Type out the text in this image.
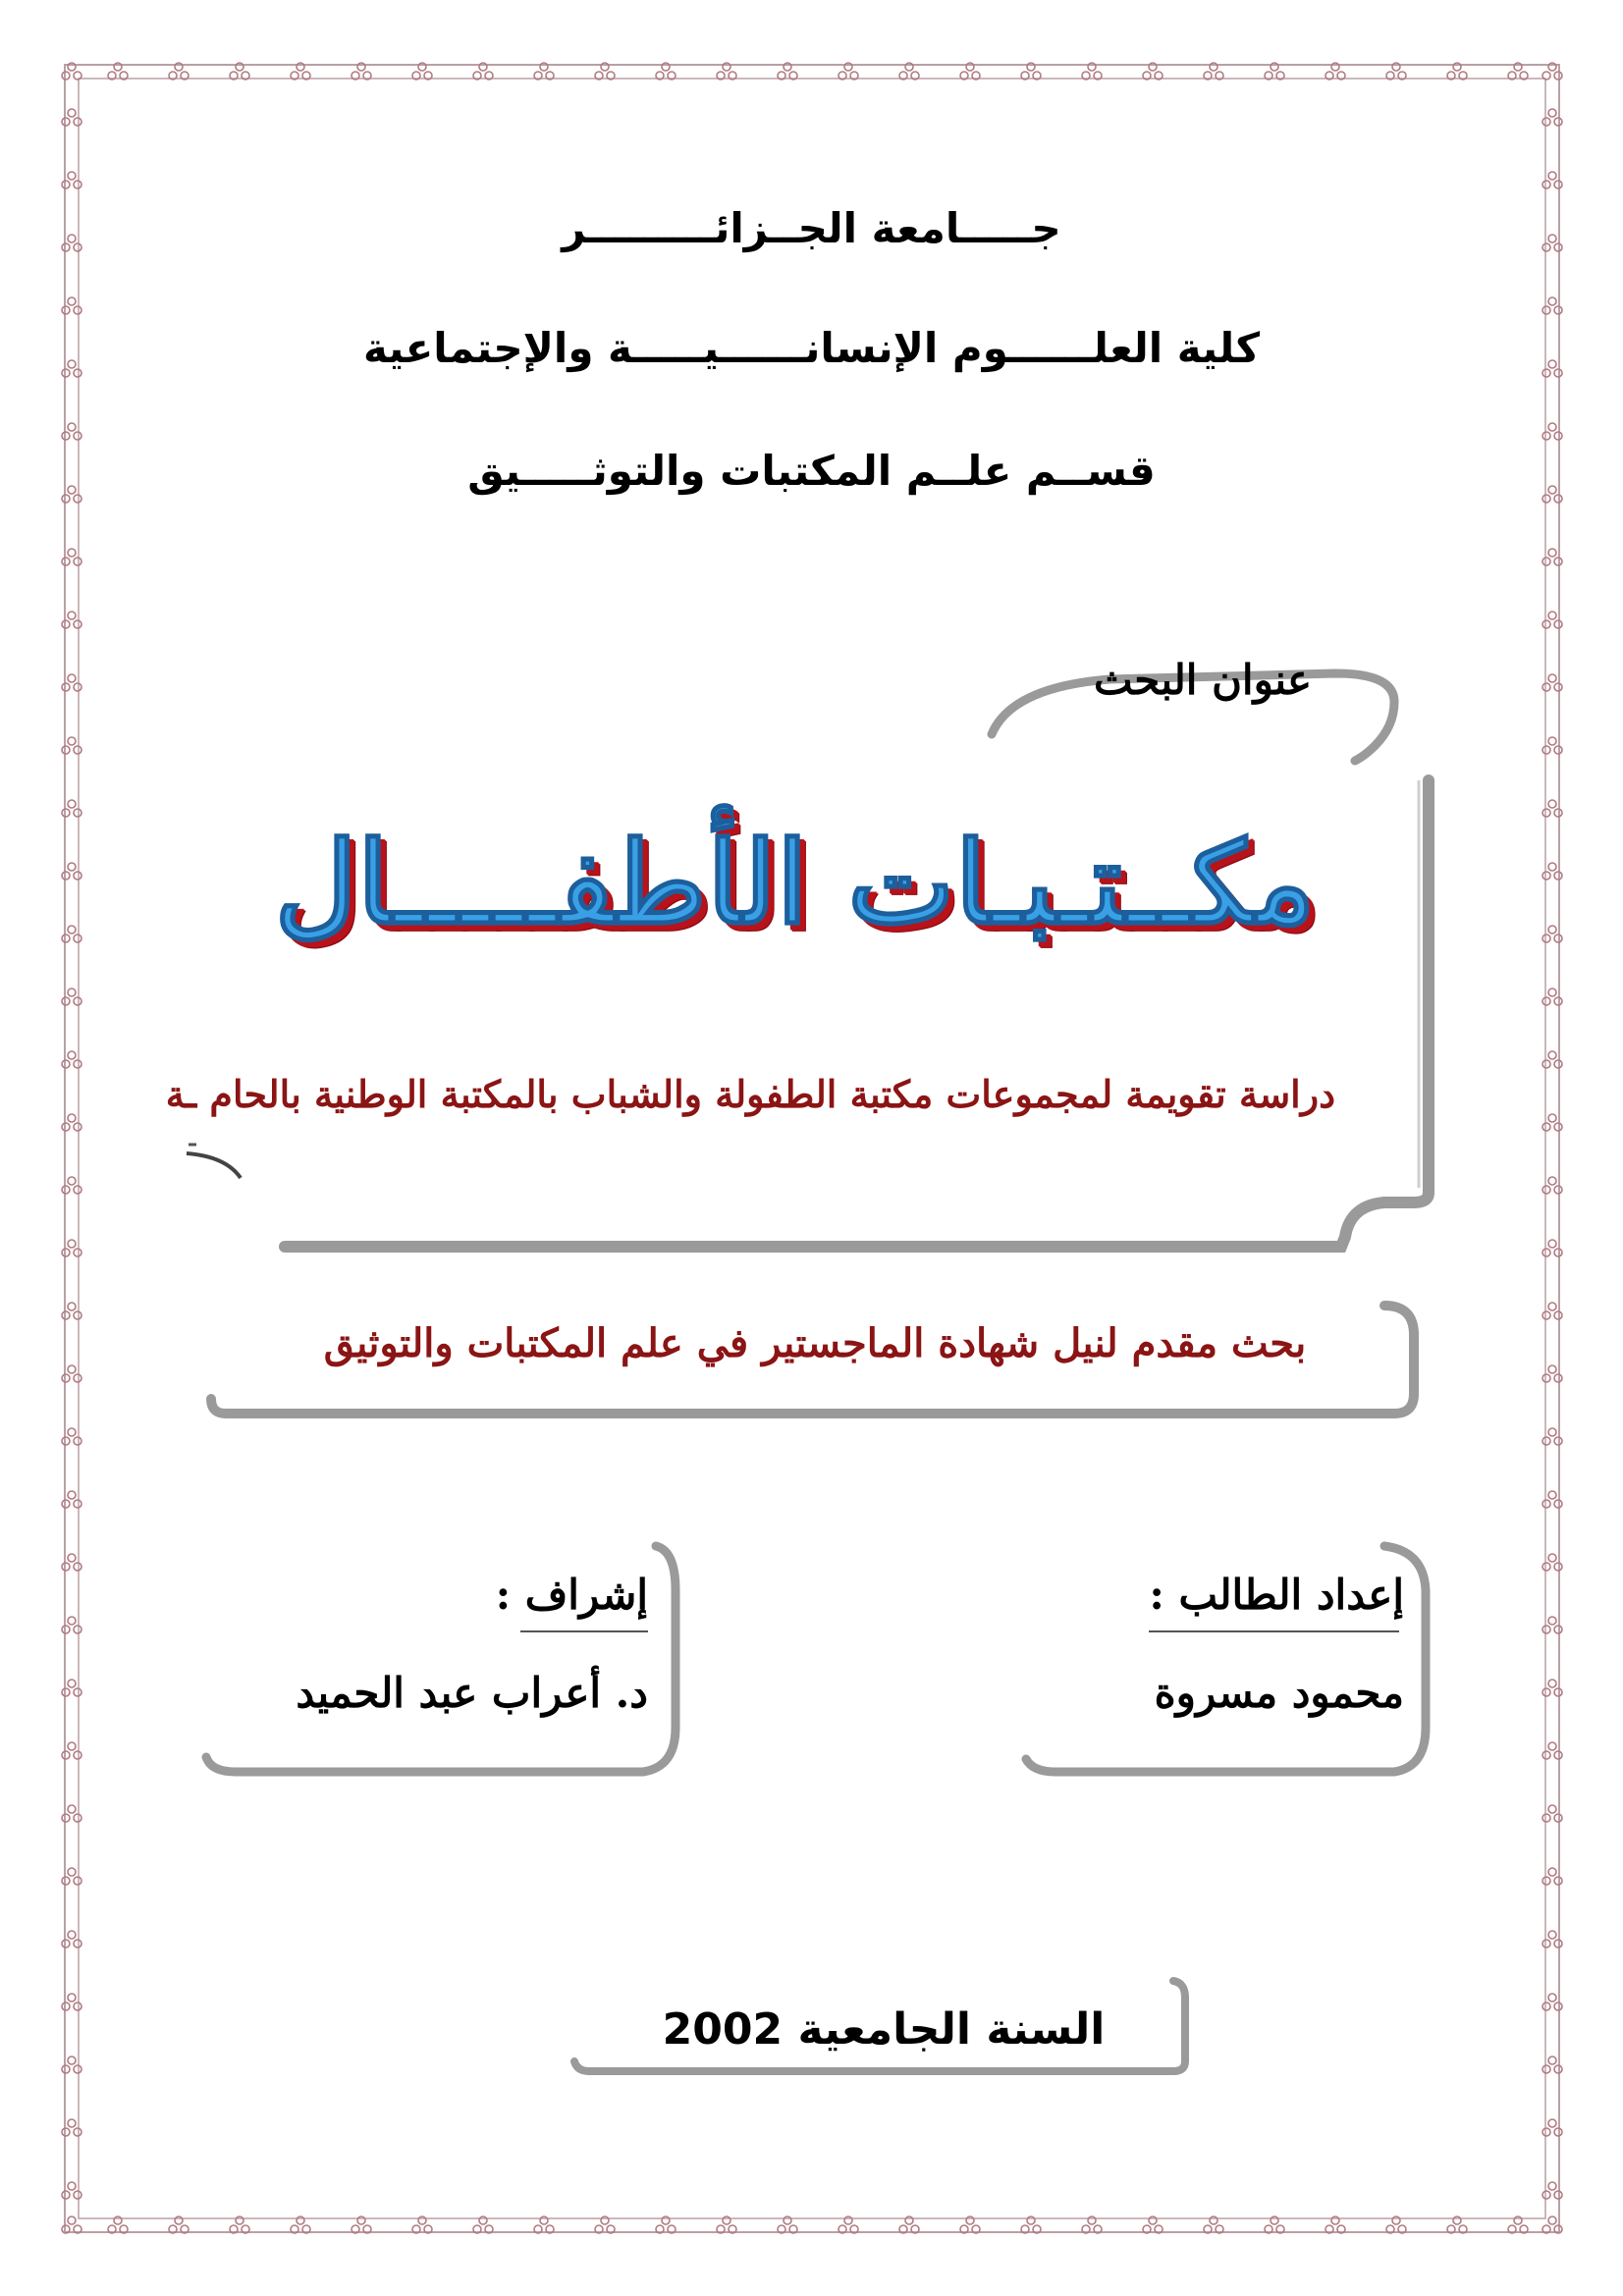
جـــــامعة الجــزائـــــــــر
كلية العلــــــوم الإنسانــــــيـــــة والإجتماعية
قســم علــم المكتبات والتوثـــــيق
عنوان البحث
مكــتـبـات الأطفـــــال
دراسة تقويمة لمجموعات مكتبة الطفولة والشباب بالمكتبة الوطنية بالحام ـة
بحث مقدم لنيل شهادة الماجستير في علم المكتبات والتوثيق
إعداد الطالب :
محمود مسروة
إشراف :
د. أعراب عبد الحميد
السنة الجامعية 2002
